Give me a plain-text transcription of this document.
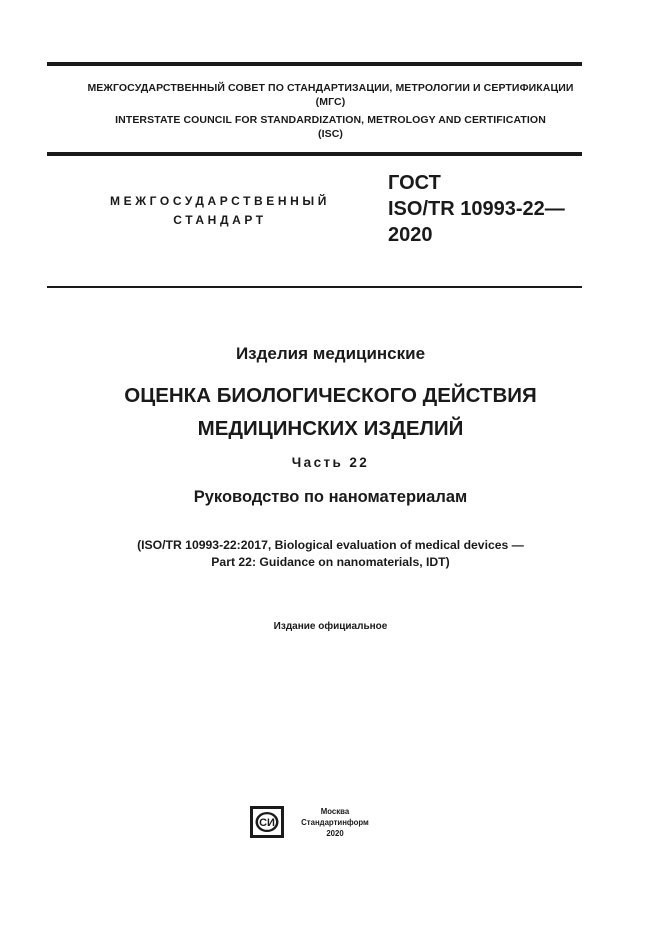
МЕЖГОСУДАРСТВЕННЫЙ СОВЕТ ПО СТАНДАРТИЗАЦИИ, МЕТРОЛОГИИ И СЕРТИФИКАЦИИ
(МГС)
INTERSTATE COUNCIL FOR STANDARDIZATION, METROLOGY AND CERTIFICATION
(ISC)
МЕЖГОСУДАРСТВЕННЫЙ
СТАНДАРТ
ГОСТ
ISO/TR 10993-22—
2020
Изделия медицинские
ОЦЕНКА БИОЛОГИЧЕСКОГО ДЕЙСТВИЯ
МЕДИЦИНСКИХ ИЗДЕЛИЙ
Часть 22
Руководство по наноматериалам
(ISO/TR 10993-22:2017, Biological evaluation of medical devices —
Part 22: Guidance on nanomaterials, IDT)
Издание официальное
СИ
Москва
Стандартинформ
2020
